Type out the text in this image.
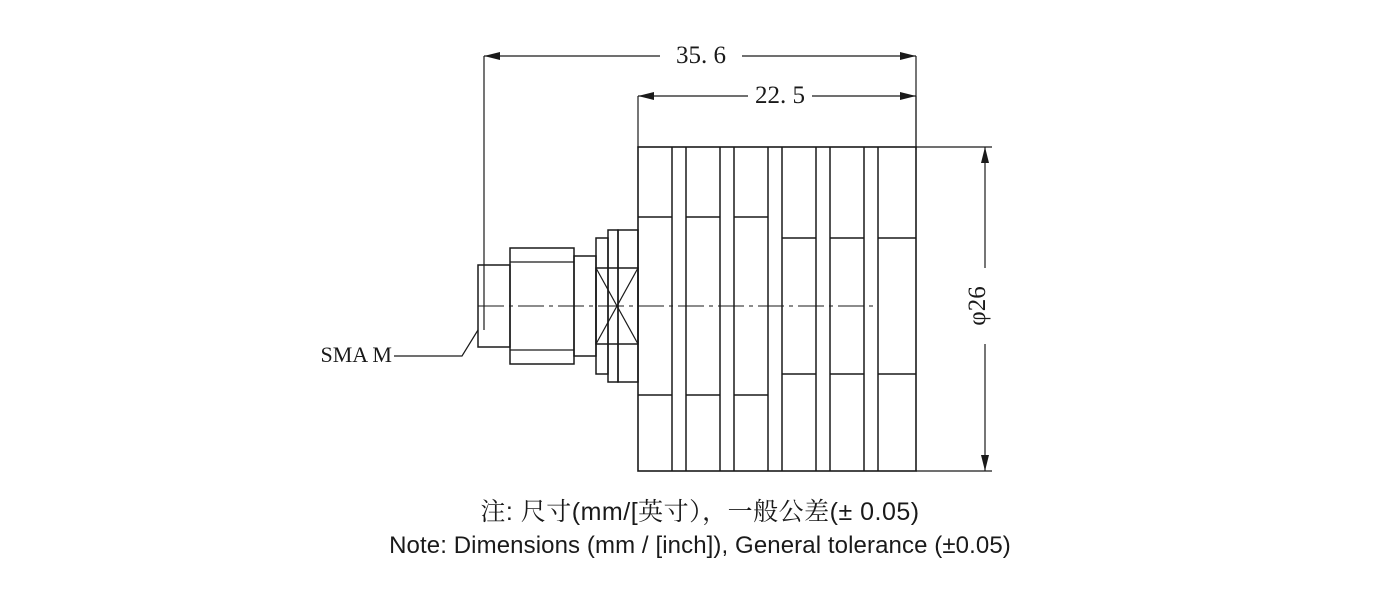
35. 6
22. 5
φ26
SMA M
注: 尺寸(mm/[英寸），一般公差(± 0.05)
Note: Dimensions (mm / [inch]), General tolerance (±0.05)
